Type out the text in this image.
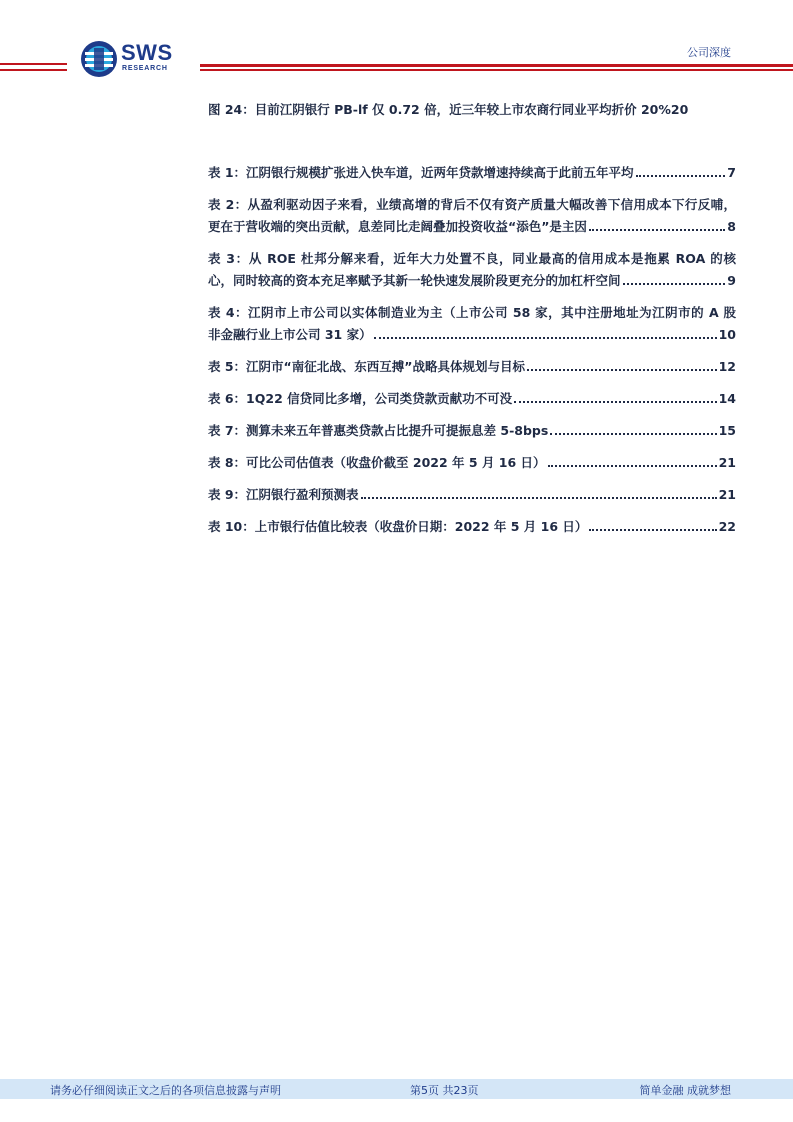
SWS
RESEARCH
公司深度
图 24：目前江阴银行 PB-lf 仅 0.72 倍，近三年较上市农商行同业平均折价 20%20
表 1：江阴银行规模扩张进入快车道，近两年贷款增速持续高于此前五年平均	7
表 2：从盈利驱动因子来看，业绩高增的背后不仅有资产质量大幅改善下信用成本下行反哺，
更在于营收端的突出贡献，息差同比走阔叠加投资收益“添色”是主因	8
表 3：从 ROE 杜邦分解来看，近年大力处置不良，同业最高的信用成本是拖累 ROA 的核
心，同时较高的资本充足率赋予其新一轮快速发展阶段更充分的加杠杆空间	9
表 4：江阴市上市公司以实体制造业为主（上市公司 58 家，其中注册地址为江阴市的 A 股
非金融行业上市公司 31 家）	10
表 5：江阴市“南征北战、东西互搏”战略具体规划与目标	12
表 6：1Q22 信贷同比多增，公司类贷款贡献功不可没	14
表 7：测算未来五年普惠类贷款占比提升可提振息差 5-8bps	15
表 8：可比公司估值表（收盘价截至 2022 年 5 月 16 日）	21
表 9：江阴银行盈利预测表	21
表 10：上市银行估值比较表（收盘价日期：2022 年 5 月 16 日）	22
请务必仔细阅读正文之后的各项信息披露与声明	第5页 共23页	简单金融 成就梦想
